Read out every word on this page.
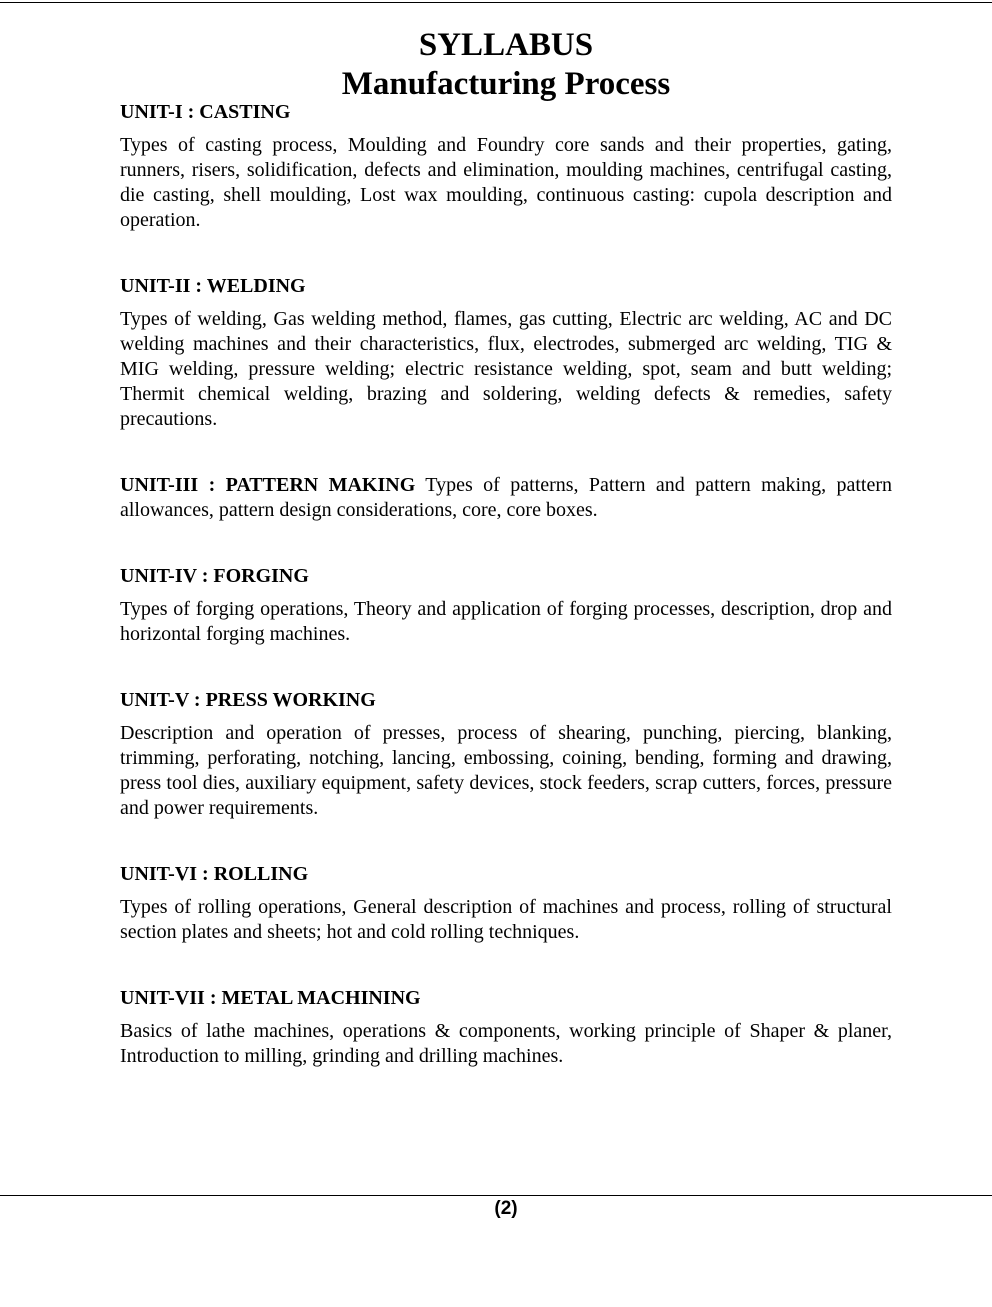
SYLLABUS
Manufacturing Process

UNIT-I : CASTING

Types of casting process, Moulding and Foundry core sands and their properties, gating, runners, risers, solidification, defects and elimination, moulding machines, centrifugal casting, die casting, shell moulding, Lost wax moulding, continuous casting: cupola description and operation.

UNIT-II : WELDING

Types of welding, Gas welding method, flames, gas cutting, Electric arc welding, AC and DC welding machines and their characteristics, flux, electrodes, submerged arc welding, TIG & MIG welding, pressure welding; electric resistance welding, spot, seam and butt welding; Thermit chemical welding, brazing and soldering, welding defects & remedies, safety precautions.

UNIT-III : PATTERN MAKING Types of patterns, Pattern and pattern making, pattern allowances, pattern design considerations, core, core boxes.

UNIT-IV : FORGING

Types of forging operations, Theory and application of forging processes, description, drop and horizontal forging machines.

UNIT-V : PRESS WORKING

Description and operation of presses, process of shearing, punching, piercing, blanking, trimming, perforating, notching, lancing, embossing, coining, bending, forming and drawing, press tool dies, auxiliary equipment, safety devices, stock feeders, scrap cutters, forces, pressure and power requirements.

UNIT-VI : ROLLING

Types of rolling operations, General description of machines and process, rolling of structural section plates and sheets; hot and cold rolling techniques.

UNIT-VII : METAL MACHINING

Basics of lathe machines, operations & components, working principle of Shaper & planer, Introduction to milling, grinding and drilling machines.

(2)
